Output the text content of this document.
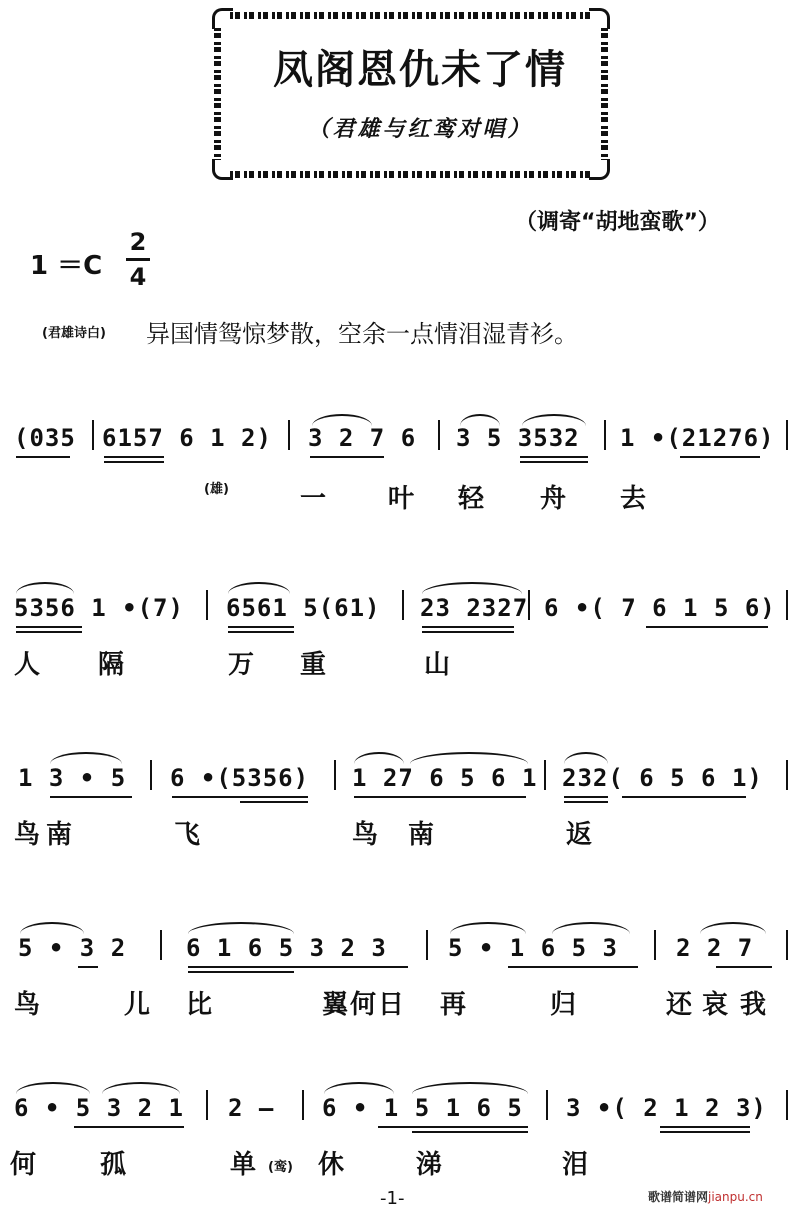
凤阁恩仇未了情
（君雄与红鸾对唱）
（调寄“胡地蛮歌”）
1 ＝C
2
4
(君雄诗白) 异国情鸳惊梦散，空余一点情泪湿青衫。
(035 6157 6 1 2) 3 2 7 6 3 5 3532 1 •(21276)
(雄)	一 叶 轻 舟 去
5356 1 •(7) 6561 5(61) 23 2327 6 •( 7 6 1 5 6)
人 隔	万 重	山
1 3 • 5 6 •(5356) 1 27 6 5 6 1 232( 6 5 6 1)
鸟 南	飞	鸟 南	返
5 • 3 2 6 1 6 5 3 2 3	5 • 1 6 5 3 2 2 7
鸟	儿 比	翼 何 日 再	归	还 哀 我
6 • 5 3 2 1 2 — 6 • 1 5 1 6 5 3 •( 2 1 2 3)
何 孤	单 (鸾) 休	涕	泪
-1-	歌谱简谱网jianpu.cn
